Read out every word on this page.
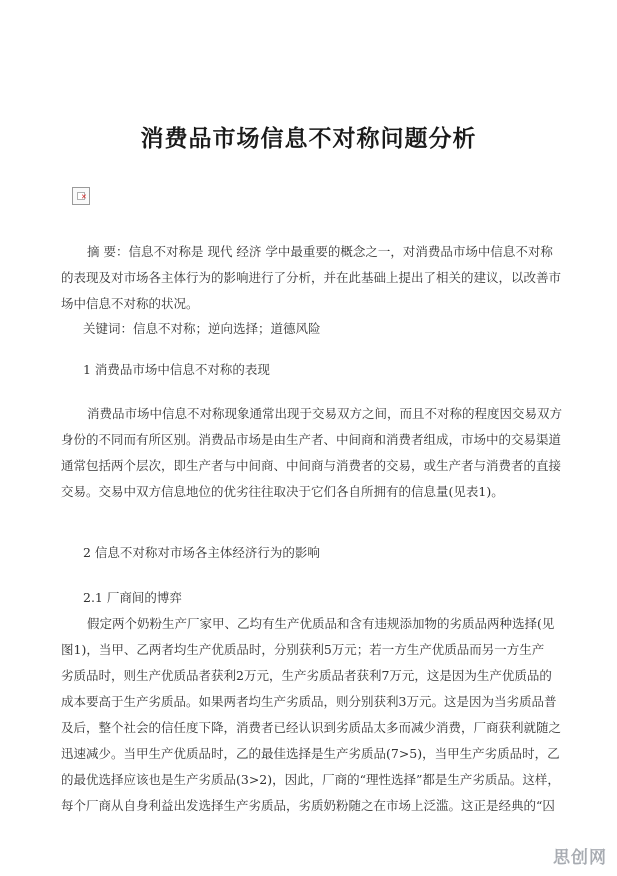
消费品市场信息不对称问题分析
✕
摘 要：信息不对称是 现代 经济 学中最重要的概念之一，对消费品市场中信息不对称
的表现及对市场各主体行为的影响进行了分析，并在此基础上提出了相关的建议，以改善市
场中信息不对称的状况。
关键词：信息不对称；逆向选择；道德风险
1 消费品市场中信息不对称的表现
消费品市场中信息不对称现象通常出现于交易双方之间，而且不对称的程度因交易双方
身份的不同而有所区别。消费品市场是由生产者、中间商和消费者组成，市场中的交易渠道
通常包括两个层次，即生产者与中间商、中间商与消费者的交易，或生产者与消费者的直接
交易。交易中双方信息地位的优劣往往取决于它们各自所拥有的信息量(见表1)。
2 信息不对称对市场各主体经济行为的影响
2.1 厂商间的博弈
假定两个奶粉生产厂家甲、乙均有生产优质品和含有违规添加物的劣质品两种选择(见
图1)，当甲、乙两者均生产优质品时，分别获利5万元；若一方生产优质品而另一方生产
劣质品时，则生产优质品者获利2万元，生产劣质品者获利7万元，这是因为生产优质品的
成本要高于生产劣质品。如果两者均生产劣质品，则分别获利3万元。这是因为当劣质品普
及后，整个社会的信任度下降，消费者已经认识到劣质品太多而减少消费，厂商获利就随之
迅速减少。当甲生产优质品时，乙的最佳选择是生产劣质品(7>5)，当甲生产劣质品时，乙
的最优选择应该也是生产劣质品(3>2)，因此，厂商的“理性选择”都是生产劣质品。这样，
每个厂商从自身利益出发选择生产劣质品，劣质奶粉随之在市场上泛滥。这正是经典的“囚
思创网
